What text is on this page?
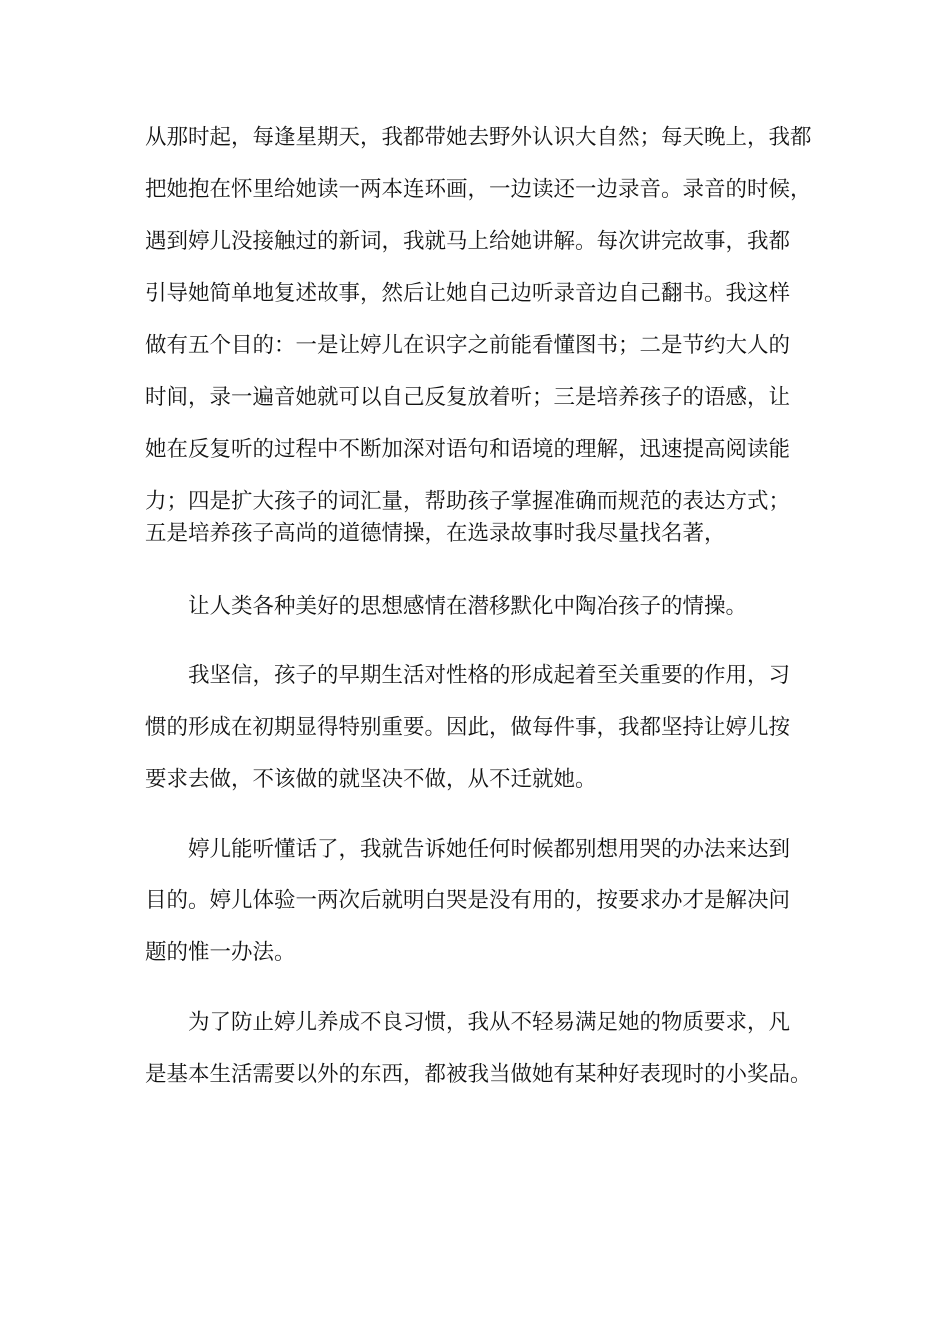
从那时起，每逢星期天，我都带她去野外认识大自然；每天晚上，我都
把她抱在怀里给她读一两本连环画，一边读还一边录音。录音的时候，
遇到婷儿没接触过的新词，我就马上给她讲解。每次讲完故事，我都
引导她简单地复述故事，然后让她自己边听录音边自己翻书。我这样
做有五个目的：一是让婷儿在识字之前能看懂图书；二是节约大人的
时间，录一遍音她就可以自己反复放着听；三是培养孩子的语感，让
她在反复听的过程中不断加深对语句和语境的理解，迅速提高阅读能
力；四是扩大孩子的词汇量，帮助孩子掌握准确而规范的表达方式；
五是培养孩子高尚的道德情操，在选录故事时我尽量找名著，
让人类各种美好的思想感情在潜移默化中陶冶孩子的情操。
我坚信，孩子的早期生活对性格的形成起着至关重要的作用，习
惯的形成在初期显得特别重要。因此，做每件事，我都坚持让婷儿按
要求去做，不该做的就坚决不做，从不迁就她。
婷儿能听懂话了，我就告诉她任何时候都别想用哭的办法来达到
目的。婷儿体验一两次后就明白哭是没有用的，按要求办才是解决问
题的惟一办法。
为了防止婷儿养成不良习惯，我从不轻易满足她的物质要求，凡
是基本生活需要以外的东西，都被我当做她有某种好表现时的小奖品。
